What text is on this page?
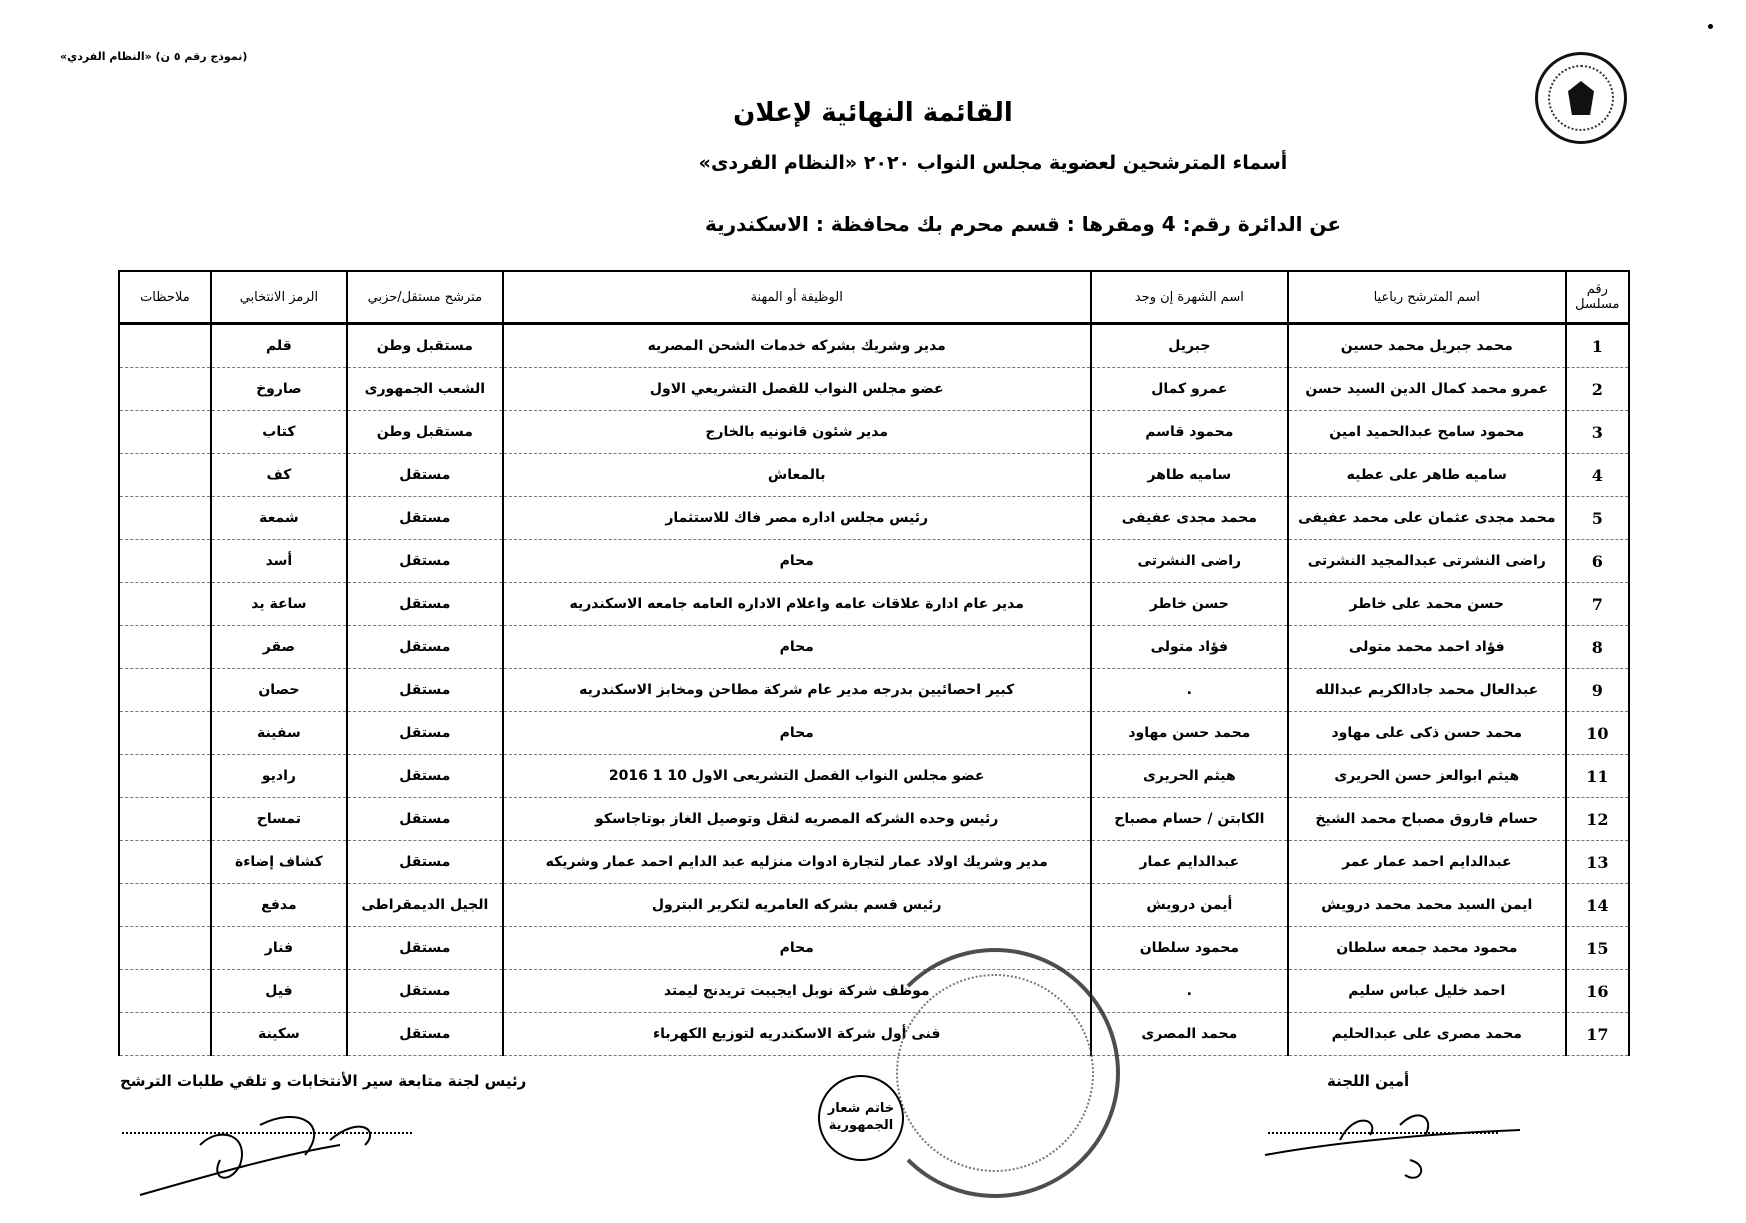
(نموذج رقم ٥ ن) «النظام الفردي»
القائمة النهائية لإعلان
أسماء المترشحين لعضوية مجلس النواب ٢٠٢٠ «النظام الفردى»
عن الدائرة رقم: 4 ومقرها : قسم محرم بك محافظة : الاسكندرية
رقم مسلسل	اسم المترشح رباعيا	اسم الشهرة إن وجد	الوظيفة أو المهنة	مترشح مستقل/حزبي	الرمز الانتخابي	ملاحظات
1	محمد جبريل محمد حسين	جبريل	مدير وشريك بشركه خدمات الشحن المصريه	مستقبل وطن	قلم	
2	عمرو محمد كمال الدين السيد حسن	عمرو كمال	عضو مجلس النواب للفصل التشريعي الاول	الشعب الجمهورى	صاروخ	
3	محمود سامح عبدالحميد امين	محمود قاسم	مدير شئون قانونيه بالخارج	مستقبل وطن	كتاب	
4	ساميه طاهر على عطيه	ساميه طاهر	بالمعاش	مستقل	كف	
5	محمد مجدى عثمان على محمد عفيفى	محمد مجدى عفيفى	رئيس مجلس اداره مصر فاك للاستثمار	مستقل	شمعة	
6	راضى النشرتى عبدالمجيد النشرتى	راضى النشرتى	محام	مستقل	أسد	
7	حسن محمد على خاطر	حسن خاطر	مدير عام ادارة علاقات عامه واعلام الاداره العامه جامعه الاسكندريه	مستقل	ساعة يد	
8	فؤاد احمد محمد متولى	فؤاد متولى	محام	مستقل	صقر	
9	عبدالعال محمد جادالكريم عبدالله	.	كبير احصائيين بدرجه مدير عام شركة مطاحن ومخابز الاسكندريه	مستقل	حصان	
10	محمد حسن ذكى على مهاود	محمد حسن مهاود	محام	مستقل	سفينة	
11	هيثم ابوالعز حسن الحريرى	هيثم الحريرى	عضو مجلس النواب الفصل التشريعى الاول 10 1 2016	مستقل	راديو	
12	حسام فاروق مصباح محمد الشيخ	الكابتن / حسام مصباح	رئيس وحده الشركه المصريه لنقل وتوصيل الغاز بوتاجاسكو	مستقل	تمساح	
13	عبدالدايم احمد عمار عمر	عبدالدايم عمار	مدير وشريك اولاد عمار لتجارة ادوات منزليه عبد الدايم احمد عمار وشريكه	مستقل	كشاف إضاءة	
14	ايمن السيد محمد محمد درويش	أيمن درويش	رئيس قسم بشركه العامريه لتكرير البترول	الجيل الديمقراطى	مدفع	
15	محمود محمد جمعه سلطان	محمود سلطان	محام	مستقل	فنار	
16	احمد خليل عباس سليم	.	موظف شركة نوبل ايجيبت تريدنج ليمتد	مستقل	فيل	
17	محمد مصرى على عبدالحليم	محمد المصرى	فنى أول شركة الاسكندريه لتوزيع الكهرباء	مستقل	سكينة	
رئيس لجنة متابعة سير الأنتخابات و تلقي طلبات الترشح
خاتم شعار
الجمهورية
أمين اللجنة
